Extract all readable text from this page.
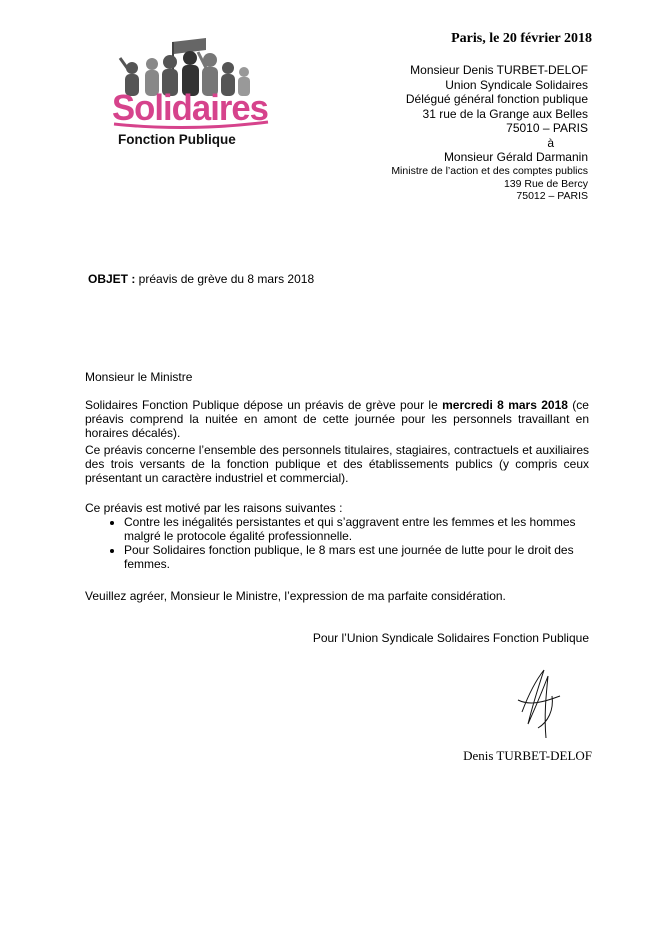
Paris, le 20 février 2018
Solidaires
Fonction Publique
Monsieur Denis TURBET-DELOF
Union Syndicale Solidaires
Délégué général fonction publique
31 rue de la Grange aux Belles
75010 – PARIS
à
Monsieur Gérald Darmanin
Ministre de l’action et des comptes publics
139 Rue de Bercy
75012 – PARIS
OBJET : préavis de grève du 8 mars 2018
Monsieur le Ministre
Solidaires Fonction Publique dépose un préavis de grève pour le mercredi 8 mars 2018 (ce préavis comprend la nuitée en amont de cette journée pour les personnels travaillant en horaires décalés).
Ce préavis concerne l’ensemble des personnels titulaires, stagiaires, contractuels et auxiliaires des trois versants de la fonction publique et des établissements publics (y compris ceux présentant un caractère industriel et commercial).
Ce préavis est motivé par les raisons suivantes :
• Contre les inégalités persistantes et qui s’aggravent entre les femmes et les hommes malgré le protocole égalité professionnelle.
• Pour Solidaires fonction publique, le 8 mars est une journée de lutte pour le droit des femmes.
Veuillez agréer, Monsieur le Ministre, l’expression de ma parfaite considération.
Pour l’Union Syndicale Solidaires Fonction Publique
Denis TURBET-DELOF
